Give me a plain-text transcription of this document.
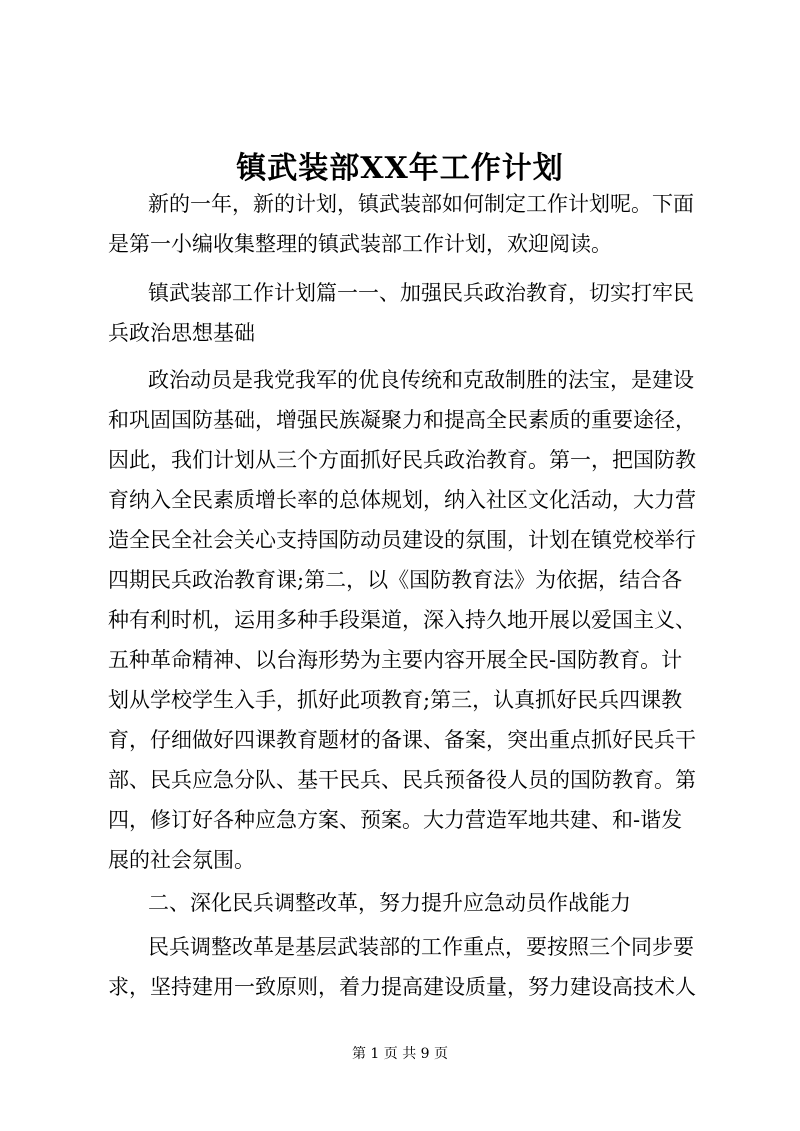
镇武装部XX年工作计划
新的一年，新的计划，镇武装部如何制定工作计划呢。下面
是第一小编收集整理的镇武装部工作计划，欢迎阅读。
镇武装部工作计划篇一一、加强民兵政治教育，切实打牢民
兵政治思想基础
政治动员是我党我军的优良传统和克敌制胜的法宝，是建设
和巩固国防基础，增强民族凝聚力和提高全民素质的重要途径，
因此，我们计划从三个方面抓好民兵政治教育。第一，把国防教
育纳入全民素质增长率的总体规划，纳入社区文化活动，大力营
造全民全社会关心支持国防动员建设的氛围，计划在镇党校举行
四期民兵政治教育课;第二，以《国防教育法》为依据，结合各
种有利时机，运用多种手段渠道，深入持久地开展以爱国主义、
五种革命精神、以台海形势为主要内容开展全民-国防教育。计
划从学校学生入手，抓好此项教育;第三，认真抓好民兵四课教
育，仔细做好四课教育题材的备课、备案，突出重点抓好民兵干
部、民兵应急分队、基干民兵、民兵预备役人员的国防教育。第
四，修订好各种应急方案、预案。大力营造军地共建、和-谐发
展的社会氛围。
二、深化民兵调整改革，努力提升应急动员作战能力
民兵调整改革是基层武装部的工作重点，要按照三个同步要
求，坚持建用一致原则，着力提高建设质量，努力建设高技术人
第 1 页 共 9 页
